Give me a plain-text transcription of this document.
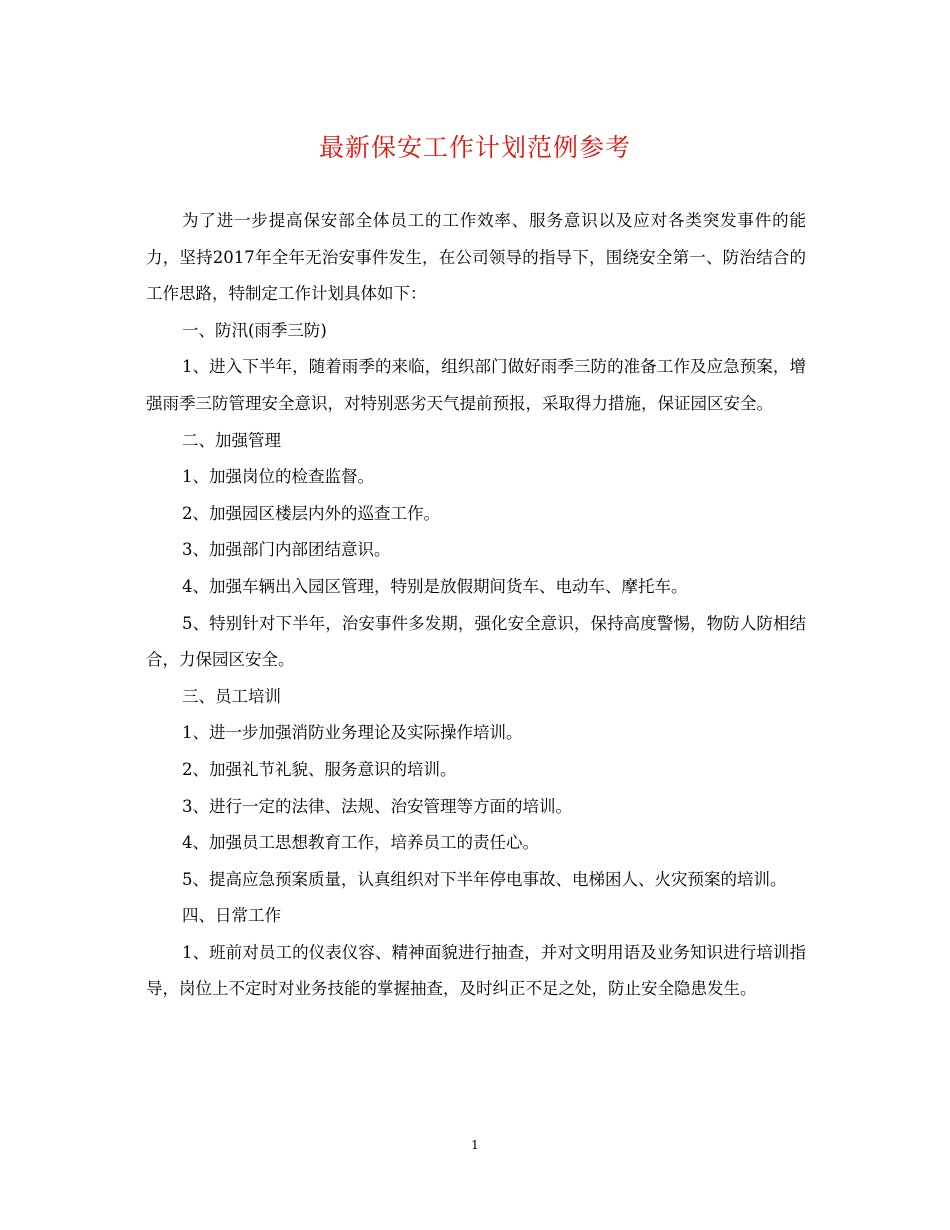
最新保安工作计划范例参考

为了进一步提高保安部全体员工的工作效率、服务意识以及应对各类突发事件的能力，坚持2017年全年无治安事件发生，在公司领导的指导下，围绕安全第一、防治结合的工作思路，特制定工作计划具体如下：

一、防汛(雨季三防)

1、进入下半年，随着雨季的来临，组织部门做好雨季三防的准备工作及应急预案，增强雨季三防管理安全意识，对特别恶劣天气提前预报，采取得力措施，保证园区安全。

二、加强管理

1、加强岗位的检查监督。

2、加强园区楼层内外的巡查工作。

3、加强部门内部团结意识。

4、加强车辆出入园区管理，特别是放假期间货车、电动车、摩托车。

5、特别针对下半年，治安事件多发期，强化安全意识，保持高度警惕，物防人防相结合，力保园区安全。

三、员工培训

1、进一步加强消防业务理论及实际操作培训。

2、加强礼节礼貌、服务意识的培训。

3、进行一定的法律、法规、治安管理等方面的培训。

4、加强员工思想教育工作，培养员工的责任心。

5、提高应急预案质量，认真组织对下半年停电事故、电梯困人、火灾预案的培训。

四、日常工作

1、班前对员工的仪表仪容、精神面貌进行抽查，并对文明用语及业务知识进行培训指导，岗位上不定时对业务技能的掌握抽查，及时纠正不足之处，防止安全隐患发生。

1
